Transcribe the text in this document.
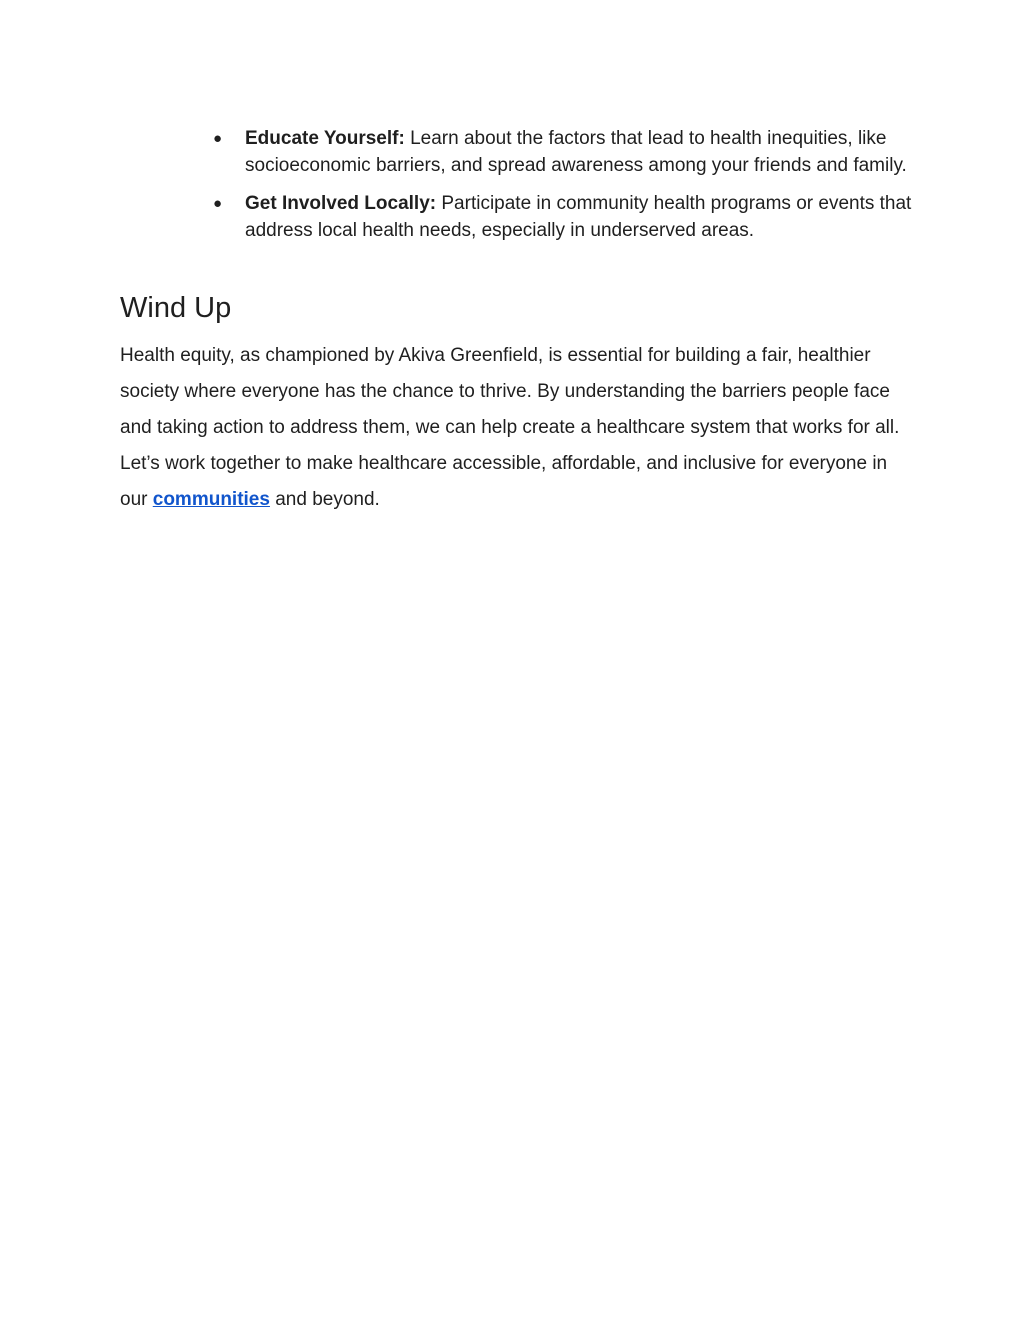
● Educate Yourself: Learn about the factors that lead to health inequities, like socioeconomic barriers, and spread awareness among your friends and family.
● Get Involved Locally: Participate in community health programs or events that address local health needs, especially in underserved areas.
Wind Up

Health equity, as championed by Akiva Greenfield, is essential for building a fair, healthier society where everyone has the chance to thrive. By understanding the barriers people face and taking action to address them, we can help create a healthcare system that works for all. Let’s work together to make healthcare accessible, affordable, and inclusive for everyone in our communities and beyond.
